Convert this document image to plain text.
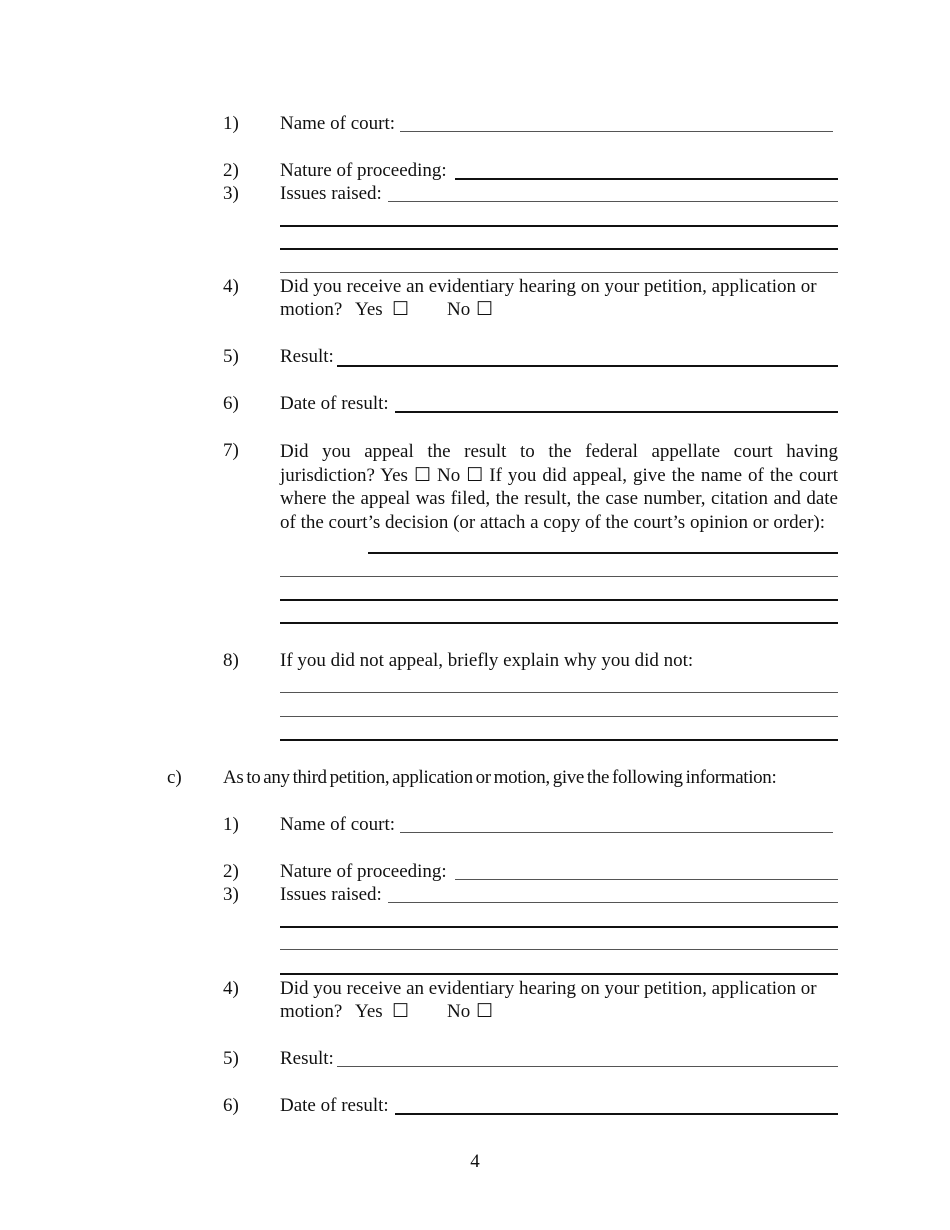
1) Name of court:
2) Nature of proceeding:
3) Issues raised:
4) Did you receive an evidentiary hearing on your petition, application or
motion? Yes ☐ No ☐
5) Result:
6) Date of result:
7) Did you appeal the result to the federal appellate court having jurisdiction? Yes ☐ No ☐ If you did appeal, give the name of the court where the appeal was filed, the result, the case number, citation and date of the court’s decision (or attach a copy of the court’s opinion or order):
8) If you did not appeal, briefly explain why you did not:
c) As to any third petition, application or motion, give the following information:
1) Name of court:
2) Nature of proceeding:
3) Issues raised:
4) Did you receive an evidentiary hearing on your petition, application or
motion? Yes ☐ No ☐
5) Result:
6) Date of result:
4
